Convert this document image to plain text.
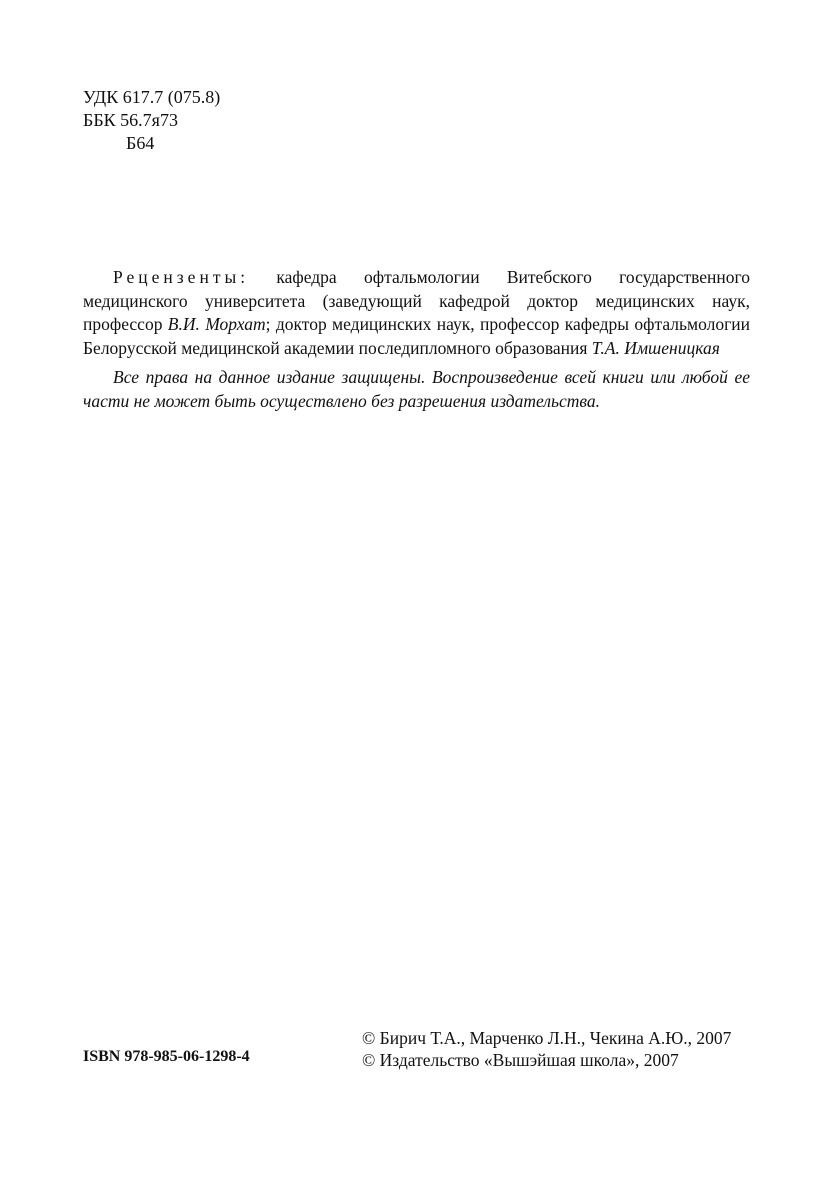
УДК 617.7 (075.8)
ББК 56.7я73
Б64

Рецензенты: кафедра офтальмологии Витебского государственного медицинского университета (заведующий кафедрой доктор медицинских наук, профессор В.И. Морхат; доктор медицинских наук, профессор кафедры офтальмологии Белорусской медицинской академии последипломного образования Т.А. Имшеницкая

Все права на данное издание защищены. Воспроизведение всей книги или любой ее части не может быть осуществлено без разрешения издательства.

© Бирич Т.А., Марченко Л.Н., Чекина А.Ю., 2007
© Издательство «Вышэйшая школа», 2007
ISBN 978-985-06-1298-4
